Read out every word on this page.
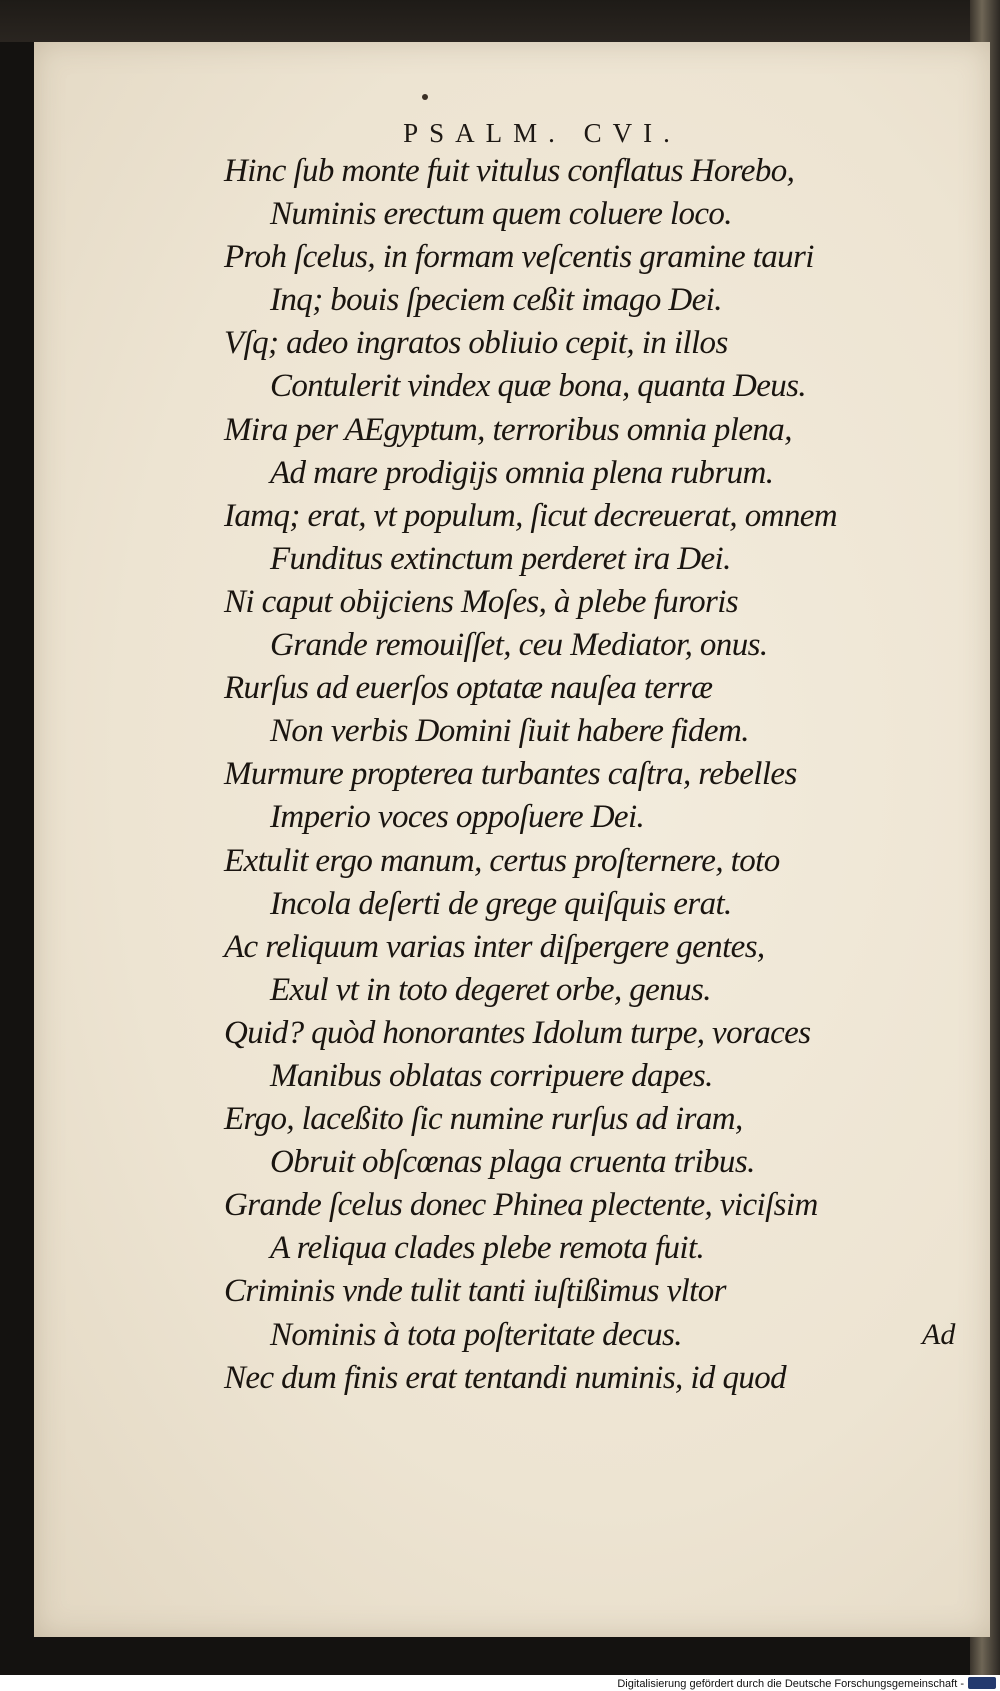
PSALM. CVI.
Hinc ſub monte fuit vitulus conflatus Horebo,
Numinis erectum quem coluere loco.
Proh ſcelus, in formam veſcentis gramine tauri
Inq; bouis ſpeciem ceßit imago Dei.
Vſq; adeo ingratos obliuio cepit, in illos
Contulerit vindex quæ bona, quanta Deus.
Mira per AEgyptum, terroribus omnia plena,
Ad mare prodigijs omnia plena rubrum.
Iamq; erat, vt populum, ſicut decreuerat, omnem
Funditus extinctum perderet ira Dei.
Ni caput obijciens Moſes, à plebe furoris
Grande remouiſſet, ceu Mediator, onus.
Rurſus ad euerſos optatæ nauſea terræ
Non verbis Domini ſiuit habere fidem.
Murmure propterea turbantes caſtra, rebelles
Imperio voces oppoſuere Dei.
Extulit ergo manum, certus proſternere, toto
Incola deſerti de grege quiſquis erat.
Ac reliquum varias inter diſpergere gentes,
Exul vt in toto degeret orbe, genus.
Quid? quòd honorantes Idolum turpe, voraces
Manibus oblatas corripuere dapes.
Ergo, laceßito ſic numine rurſus ad iram,
Obruit obſcœnas plaga cruenta tribus.
Grande ſcelus donec Phinea plectente, viciſsim
A reliqua clades plebe remota fuit.
Criminis vnde tulit tanti iuſtißimus vltor
Nominis à tota poſteritate decus.
Nec dum finis erat tentandi numinis, id quod
Ad
Digitalisierung gefördert durch die Deutsche Forschungsgemeinschaft -
